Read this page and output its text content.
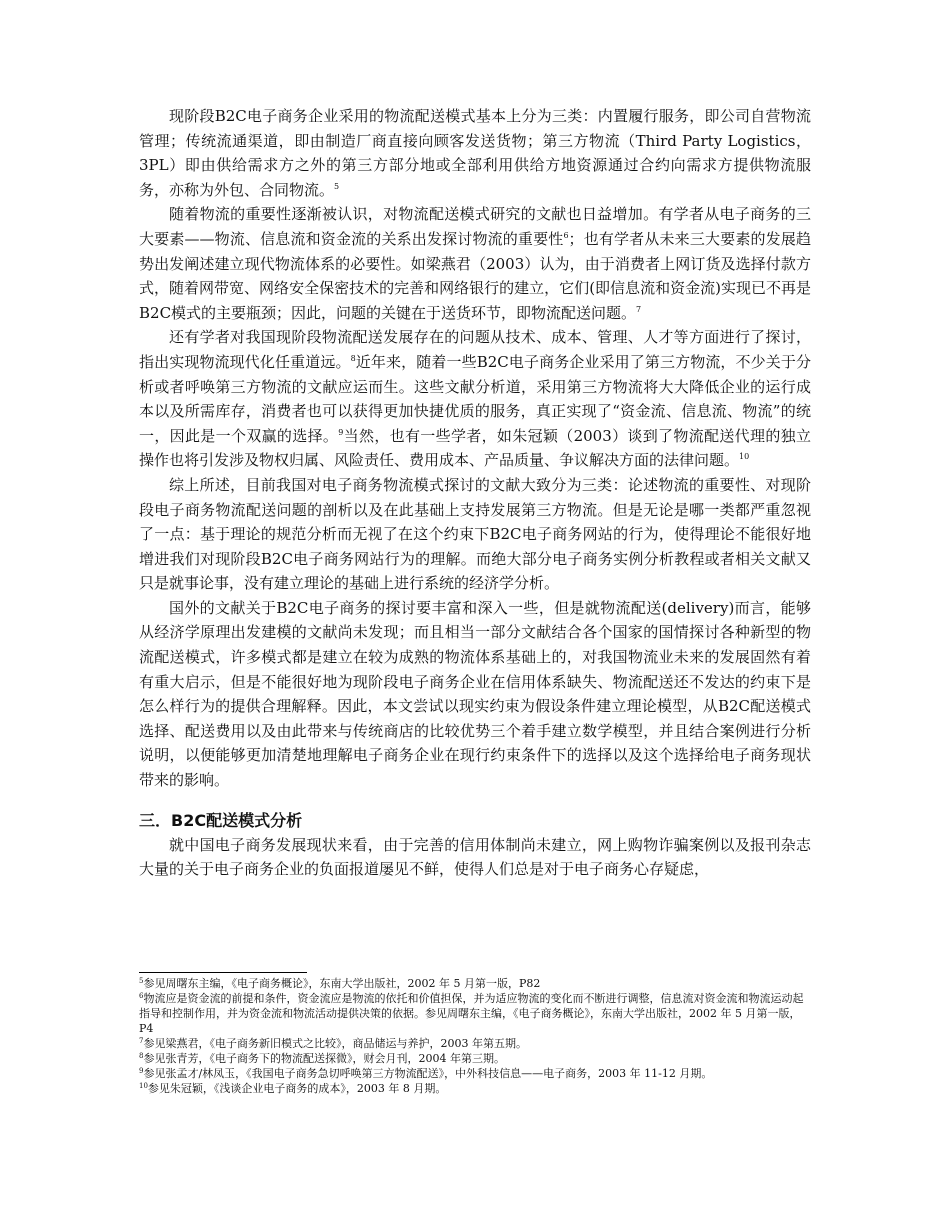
现阶段B2C电子商务企业采用的物流配送模式基本上分为三类：内置履行服务，即公司自营物流管理；传统流通渠道，即由制造厂商直接向顾客发送货物；第三方物流（Third Party Logistics，3PL）即由供给需求方之外的第三方部分地或全部利用供给方地资源通过合约向需求方提供物流服务，亦称为外包、合同物流。$^5$

随着物流的重要性逐渐被认识，对物流配送模式研究的文献也日益增加。有学者从电子商务的三大要素——物流、信息流和资金流的关系出发探讨物流的重要性$^6$；也有学者从未来三大要素的发展趋势出发阐述建立现代物流体系的必要性。如梁燕君（2003）认为，由于消费者上网订货及选择付款方式，随着网带宽、网络安全保密技术的完善和网络银行的建立，它们(即信息流和资金流)实现已不再是B2C模式的主要瓶颈；因此，问题的关键在于送货环节，即物流配送问题。$^7$

还有学者对我国现阶段物流配送发展存在的问题从技术、成本、管理、人才等方面进行了探讨，指出实现物流现代化任重道远。$^8$近年来，随着一些B2C电子商务企业采用了第三方物流，不少关于分析或者呼唤第三方物流的文献应运而生。这些文献分析道，采用第三方物流将大大降低企业的运行成本以及所需库存，消费者也可以获得更加快捷优质的服务，真正实现了“资金流、信息流、物流”的统一，因此是一个双赢的选择。$^9$当然，也有一些学者，如朱冠颖（2003）谈到了物流配送代理的独立操作也将引发涉及物权归属、风险责任、费用成本、产品质量、争议解决方面的法律问题。$^{10}$

综上所述，目前我国对电子商务物流模式探讨的文献大致分为三类：论述物流的重要性、对现阶段电子商务物流配送问题的剖析以及在此基础上支持发展第三方物流。但是无论是哪一类都严重忽视了一点：基于理论的规范分析而无视了在这个约束下B2C电子商务网站的行为，使得理论不能很好地增进我们对现阶段B2C电子商务网站行为的理解。而绝大部分电子商务实例分析教程或者相关文献又只是就事论事，没有建立理论的基础上进行系统的经济学分析。

国外的文献关于B2C电子商务的探讨要丰富和深入一些，但是就物流配送(delivery)而言，能够从经济学原理出发建模的文献尚未发现；而且相当一部分文献结合各个国家的国情探讨各种新型的物流配送模式，许多模式都是建立在较为成熟的物流体系基础上的，对我国物流业未来的发展固然有着有重大启示，但是不能很好地为现阶段电子商务企业在信用体系缺失、物流配送还不发达的约束下是怎么样行为的提供合理解释。因此，本文尝试以现实约束为假设条件建立理论模型，从B2C配送模式选择、配送费用以及由此带来与传统商店的比较优势三个着手建立数学模型，并且结合案例进行分析说明，以便能够更加清楚地理解电子商务企业在现行约束条件下的选择以及这个选择给电子商务现状带来的影响。

三．B2C配送模式分析

就中国电子商务发展现状来看，由于完善的信用体制尚未建立，网上购物诈骗案例以及报刊杂志大量的关于电子商务企业的负面报道屡见不鲜，使得人们总是对于电子商务心存疑虑，

$^5$参见周曙东主编，《电子商务概论》，东南大学出版社，2002 年 5 月第一版，P82

$^6$物流应是资金流的前提和条件，资金流应是物流的依托和价值担保，并为适应物流的变化而不断进行调整，信息流对资金流和物流运动起指导和控制作用，并为资金流和物流活动提供决策的依据。参见周曙东主编，《电子商务概论》，东南大学出版社，2002 年 5 月第一版，P4

$^7$参见梁燕君，《电子商务新旧模式之比较》，商品储运与养护，2003 年第五期。

$^8$参见张青芳，《电子商务下的物流配送探微》，财会月刊，2004 年第三期。

$^9$参见张孟才/林凤玉，《我国电子商务急切呼唤第三方物流配送》，中外科技信息——电子商务，2003 年 11-12 月期。

$^{10}$参见朱冠颖，《浅谈企业电子商务的成本》，2003 年 8 月期。
